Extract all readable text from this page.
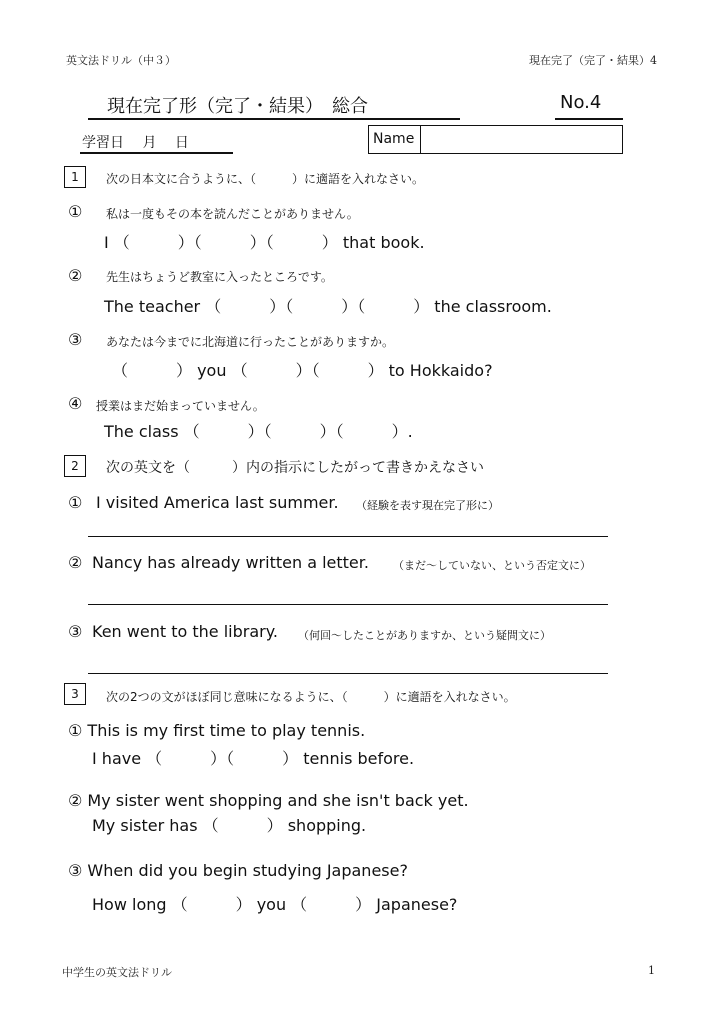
英文法ドリル（中３）	現在完了（完了・結果）4
現在完了形（完了・結果）　総合	No.4
学習日　 月　 日	Name
1	次の日本文に合うように、（　　　）に適語を入れなさい。
① 私は一度もその本を読んだことがありません。
I （　　　）（　　　）（　　　） that book.
② 先生はちょうど教室に入ったところです。
The teacher （　　　）（　　　）（　　　） the classroom.
③ あなたは今までに北海道に行ったことがありますか。
（　　　） you （　　　）（　　　） to Hokkaido?
④ 授業はまだ始まっていません。
The class （　　　）（　　　）（　　　）.
2	次の英文を（　　　）内の指示にしたがって書きかえなさい
① I visited America last summer. （経験を表す現在完了形に）
② Nancy has already written a letter. （まだ～していない、という否定文に）
③ Ken went to the library. （何回～したことがありますか、という疑問文に）
3	次の2つの文がほぼ同じ意味になるように、（　　　）に適語を入れなさい。
① This is my first time to play tennis.
I have （　　　）（　　　） tennis before.
② My sister went shopping and she isn't back yet.
My sister has （　　　） shopping.
③ When did you begin studying Japanese?
How long （　　　） you （　　　） Japanese?
中学生の英文法ドリル	1
